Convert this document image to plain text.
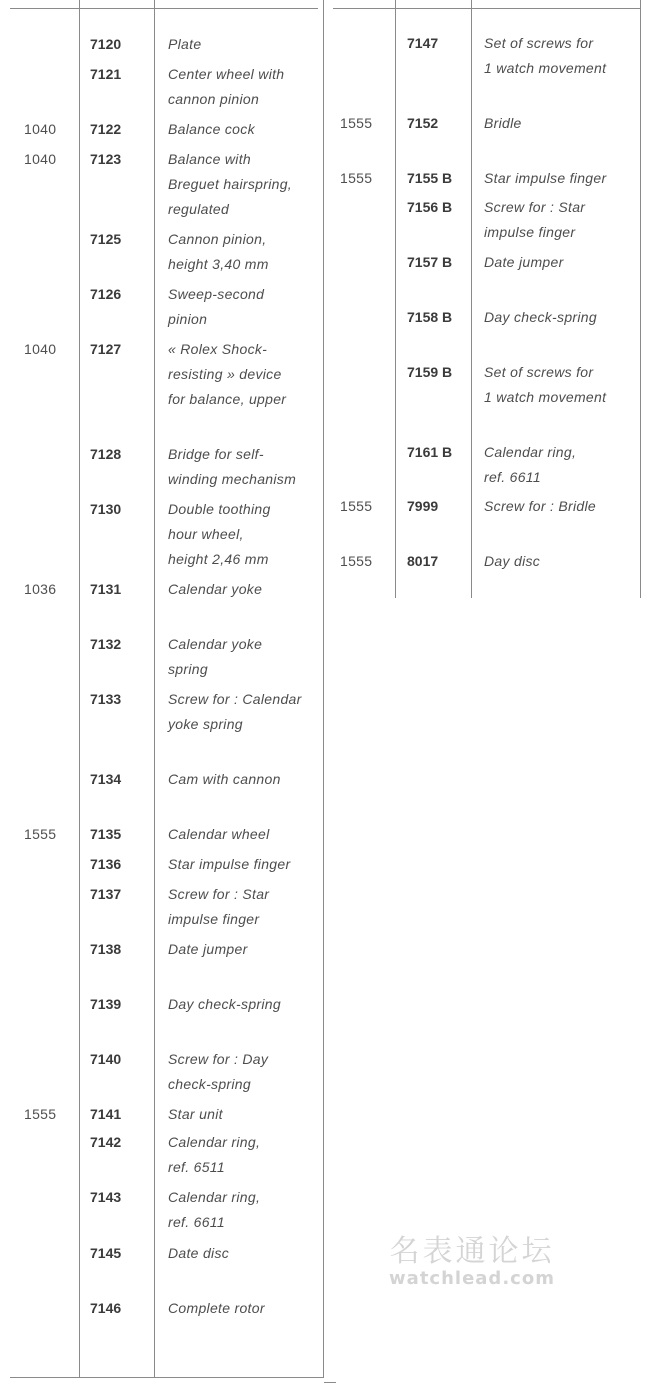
7120	Plate
7121	Center wheel with
cannon pinion
1040 7122	Balance cock
1040 7123	Balance with
Breguet hairspring,
regulated
7125	Cannon pinion,
height 3,40 mm
7126	Sweep-second
pinion
1040 7127	« Rolex Shock-
resisting » device
for balance, upper
7128	Bridge for self-
winding mechanism
7130	Double toothing
hour wheel,
height 2,46 mm
1036 7131	Calendar yoke
7132	Calendar yoke
spring
7133	Screw for : Calendar
yoke spring
7134	Cam with cannon
1555 7135	Calendar wheel
7136	Star impulse finger
7137	Screw for : Star
impulse finger
7138	Date jumper
7139	Day check-spring
7140	Screw for : Day
check-spring
1555 7141	Star unit
7142	Calendar ring,
ref. 6511
7143	Calendar ring,
ref. 6611
7145	Date disc
7146	Complete rotor
7147	Set of screws for
1 watch movement
1555 7152	Bridle
1555 7155 B Star impulse finger
7156 B Screw for : Star
impulse finger
7157 B Date jumper
7158 B Day check-spring
7159 B Set of screws for
1 watch movement
7161 B Calendar ring,
ref. 6611
1555 7999	Screw for : Bridle
1555 8017	Day disc
名表通论坛
watchlead.com
